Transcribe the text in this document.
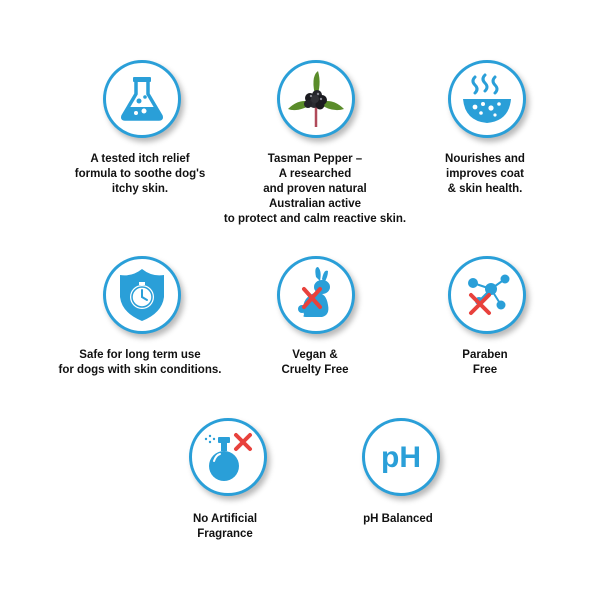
A tested itch relief
formula to soothe dog's
itchy skin.
Tasman Pepper –
A researched
and proven natural
Australian active
to protect and calm reactive skin.
Nourishes and
improves coat
& skin health.
Safe for long term use
for dogs with skin conditions.
Vegan &
Cruelty Free
Paraben
Free
No Artificial
Fragrance
pH
pH Balanced
